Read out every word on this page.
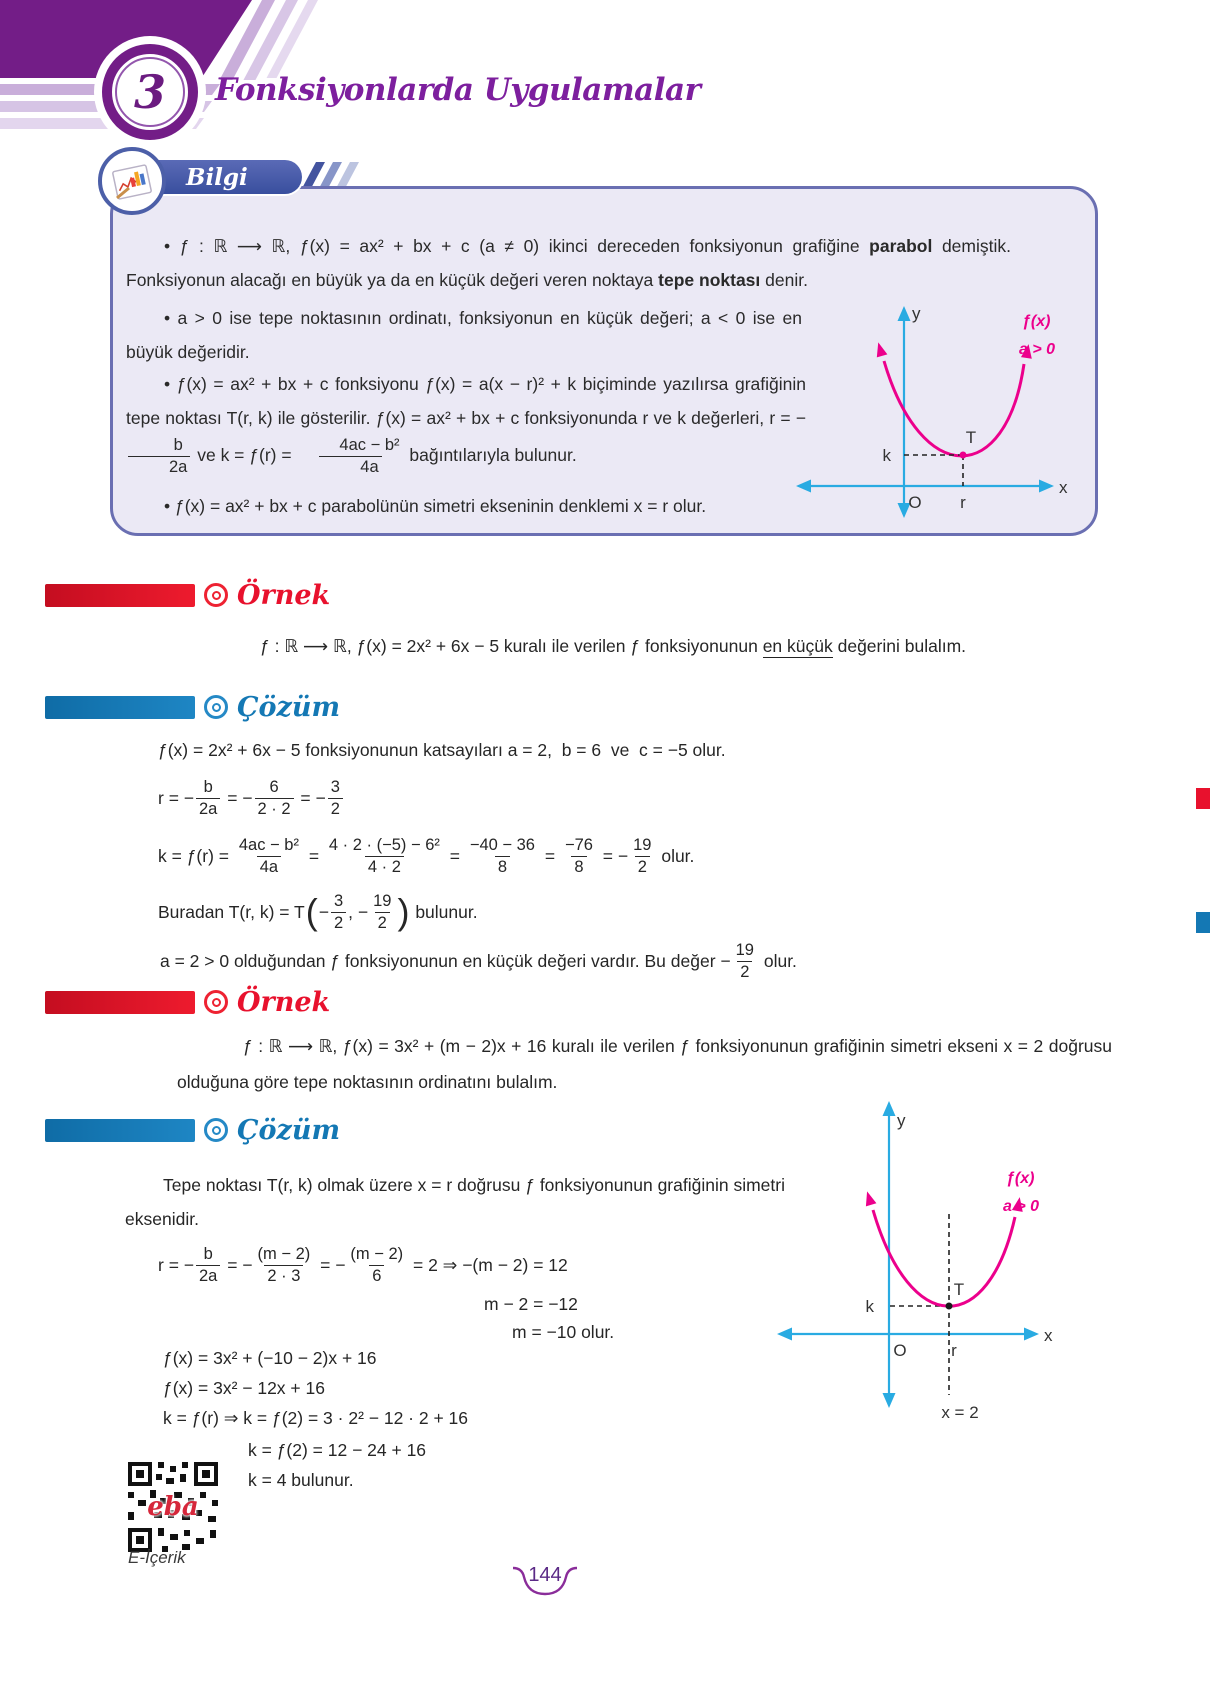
3 Fonksiyonlarda Uygulamalar
Bilgi
• ƒ : ℝ ⟶ ℝ, ƒ(x) = ax² + bx + c (a ≠ 0) ikinci dereceden fonksiyonun grafiğine parabol demiştik. Fonksiyonun alacağı en büyük ya da en küçük değeri veren noktaya tepe noktası denir.
• a > 0 ise tepe noktasının ordinatı, fonksiyonun en küçük değeri; a < 0 ise en büyük değeridir.
• ƒ(x) = ax² + bx + c fonksiyonu ƒ(x) = a(x − r)² + k biçiminde yazılırsa grafiğinin tepe noktası T(r, k) ile gösterilir. ƒ(x) = ax² + bx + c fonksiyonunda r ve k değerleri, r = −
$\frac{b}{2a}$ ve k = ƒ(r) = $\frac{\text{4ac − b²}}{4a}$ bağıntılarıyla bulunur.
• ƒ(x) = ax² + bx + c parabolünün simetri ekseninin denklemi x = r olur.
y
x
O r
k
T
ƒ(x)
a > 0
Örnek
ƒ : ℝ ⟶ ℝ, ƒ(x) = 2x² + 6x − 5 kuralı ile verilen ƒ fonksiyonunun en küçük değerini bulalım.
Çözüm
ƒ(x) = 2x² + 6x − 5 fonksiyonunun katsayıları a = 2,  b = 6  ve  c = −5 olur.
r = − $\frac{b}{2a}$ = − $\frac{6}{2 \cdot 2}$ = − $\frac{3}{2}$
k = ƒ(r) = $\frac{\text{4ac − b²}}{4a} = \frac{\text{4 · 2 · (−5) − 6²}}{4 \cdot 2} = \frac{-40 - 36}{8} = \frac{-76}{8}$ = − $\frac{19}{2}$ olur.
Buradan T(r, k) = T ( − $\frac{3}{2}$ , − $\frac{19}{2}$ ) bulunur.
a = 2 > 0 olduğundan ƒ fonksiyonunun en küçük değeri vardır. Bu değer − $\frac{19}{2}$ olur.
Örnek
ƒ : ℝ ⟶ ℝ, ƒ(x) = 3x² + (m − 2)x + 16 kuralı ile verilen ƒ fonksiyonunun grafiğinin simetri ekseni x = 2 doğrusu olduğuna göre tepe noktasının ordinatını bulalım.
Çözüm
Tepe noktası T(r, k) olmak üzere x = r doğrusu ƒ fonksiyonunun grafiğinin simetri eksenidir.
r = − $\frac{b}{2a}$ = − $\frac{(m - 2)}{2 \cdot 3}$ = − $\frac{(m - 2)}{6} = 2$ ⇒ −(m − 2) = 12
m − 2 = −12
m = −10 olur.
ƒ(x) = 3x² + (−10 − 2)x + 16
ƒ(x) = 3x² − 12x + 16
k = ƒ(r) ⇒ k = ƒ(2) = 3 · 2² − 12 · 2 + 16
k = ƒ(2) = 12 − 24 + 16
k = 4 bulunur.
y
x
O	r
k
T
ƒ(x)
a > 0
x = 2
eba
E-İçerik
144
